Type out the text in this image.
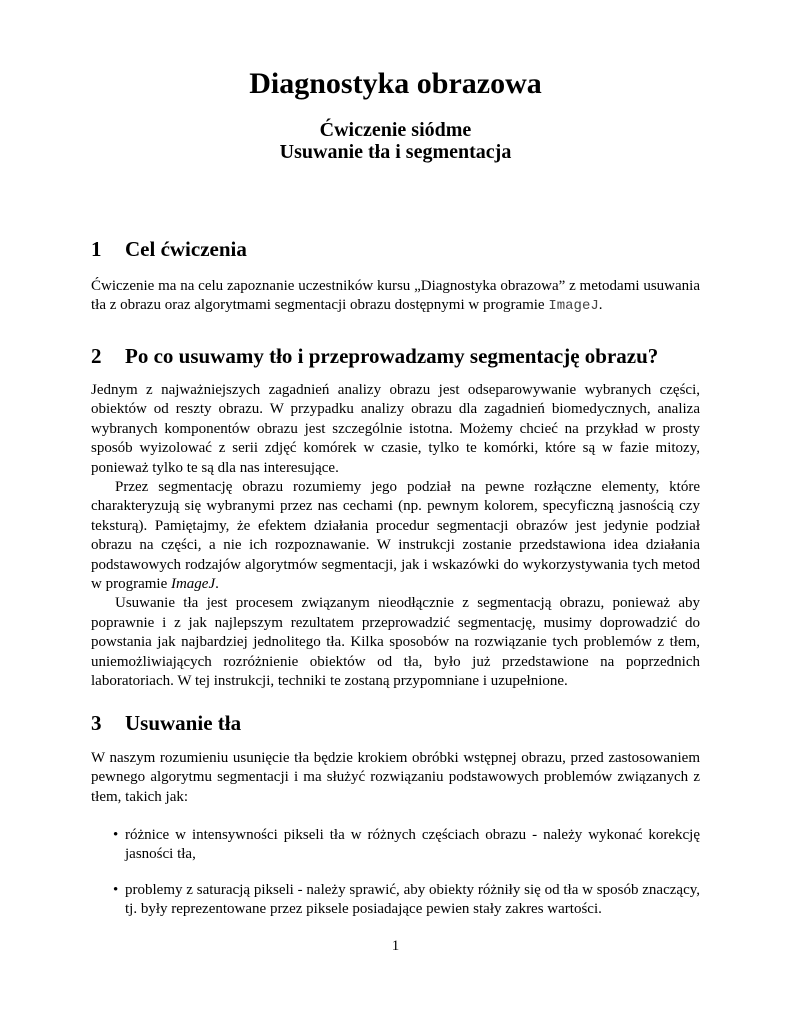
Diagnostyka obrazowa
Ćwiczenie siódme
Usuwanie tła i segmentacja
1 Cel ćwiczenia

Ćwiczenie ma na celu zapoznanie uczestników kursu „Diagnostyka obrazowa” z metodami usuwania tła z obrazu oraz algorytmami segmentacji obrazu dostępnymi w programie ImageJ.

2 Po co usuwamy tło i przeprowadzamy segmentację obrazu?

Jednym z najważniejszych zagadnień analizy obrazu jest odseparowywanie wybranych części, obiektów od reszty obrazu. W przypadku analizy obrazu dla zagadnień biomedycznych, analiza wybranych komponentów obrazu jest szczególnie istotna. Możemy chcieć na przykład w prosty sposób wyizolować z serii zdjęć komórek w czasie, tylko te komórki, które są w fazie mitozy, ponieważ tylko te są dla nas interesujące.

Przez segmentację obrazu rozumiemy jego podział na pewne rozłączne elementy, które charakteryzują się wybranymi przez nas cechami (np. pewnym kolorem, specyficzną jasnością czy teksturą). Pamiętajmy, że efektem działania procedur segmentacji obrazów jest jedynie podział obrazu na części, a nie ich rozpoznawanie. W instrukcji zostanie przedstawiona idea działania podstawowych rodzajów algorytmów segmentacji, jak i wskazówki do wykorzystywania tych metod w programie ImageJ.

Usuwanie tła jest procesem związanym nieodłącznie z segmentacją obrazu, ponieważ aby poprawnie i z jak najlepszym rezultatem przeprowadzić segmentację, musimy doprowadzić do powstania jak najbardziej jednolitego tła. Kilka sposobów na rozwiązanie tych problemów z tłem, uniemożliwiających rozróżnienie obiektów od tła, było już przedstawione na poprzednich laboratoriach. W tej instrukcji, techniki te zostaną przypomniane i uzupełnione.

3 Usuwanie tła

W naszym rozumieniu usunięcie tła będzie krokiem obróbki wstępnej obrazu, przed zastosowaniem pewnego algorytmu segmentacji i ma służyć rozwiązaniu podstawowych problemów związanych z tłem, takich jak:

• różnice w intensywności pikseli tła w różnych częściach obrazu - należy wykonać korekcję jasności tła,
• problemy z saturacją pikseli - należy sprawić, aby obiekty różniły się od tła w sposób znaczący, tj. były reprezentowane przez piksele posiadające pewien stały zakres wartości.
1
